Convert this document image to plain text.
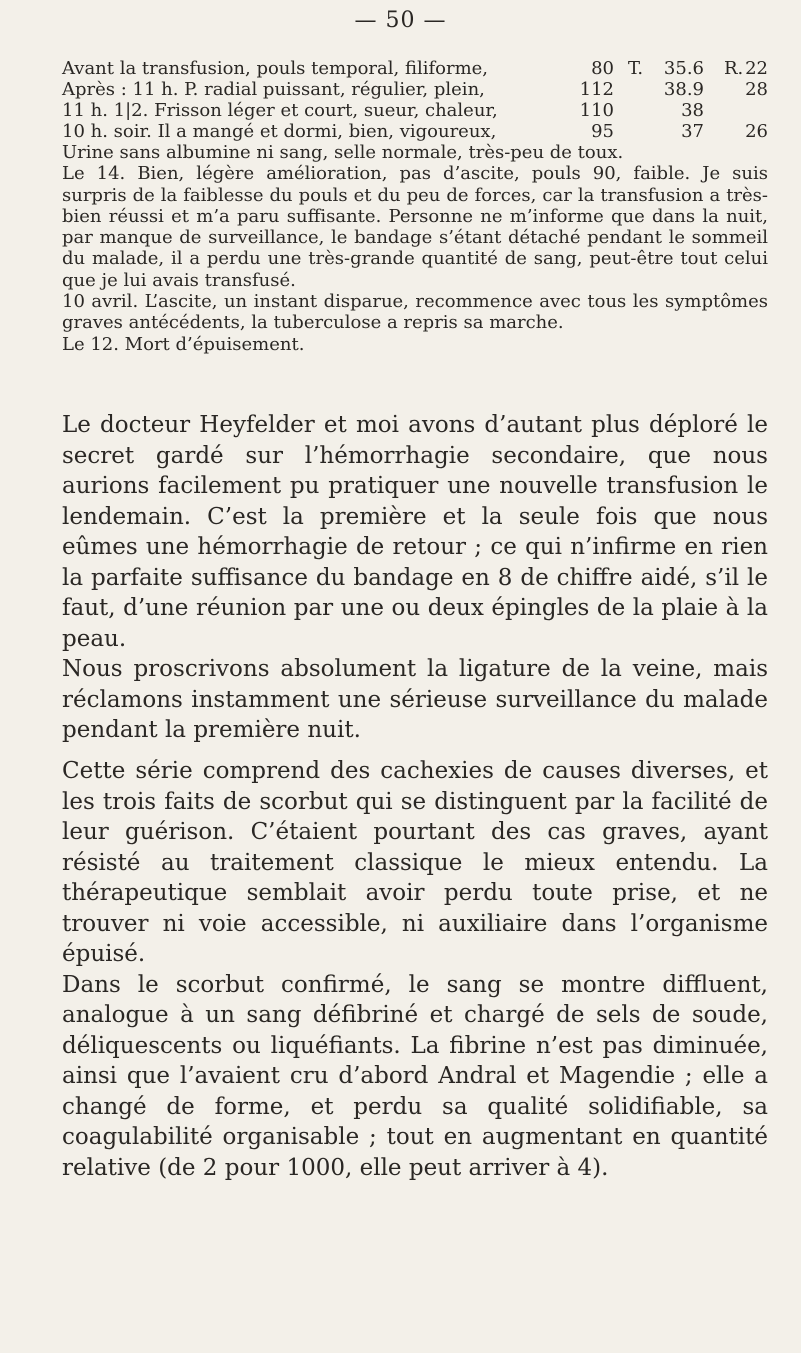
— 50 —
Avant la transfusion, pouls temporal, filiforme,	80 T.	35.6 R. 22
Après : 11 h. P. radial puissant, régulier, plein,	112	38.9 28
11 h. 1|2. Frisson léger et court, sueur, chaleur,	110	38
10 h. soir. Il a mangé et dormi, bien, vigoureux,	95	37 26

Urine sans albumine ni sang, selle normale, très-peu de toux.

Le 14. Bien, légère amélioration, pas d’ascite, pouls 90, faible. Je suis surpris de la faiblesse du pouls et du peu de forces, car la transfusion a très-bien réussi et m’a paru suffisante. Personne ne m’informe que dans la nuit, par manque de surveillance, le bandage s’étant détaché pendant le sommeil du malade, il a perdu une très-grande quantité de sang, peut-être tout celui que je lui avais transfusé.

10 avril. L’ascite, un instant disparue, recommence avec tous les symptômes graves antécédents, la tuberculose a repris sa marche.

Le 12. Mort d’épuisement.

Le docteur Heyfelder et moi avons d’autant plus déploré le secret gardé sur l’hémorrhagie secondaire, que nous aurions facilement pu pratiquer une nouvelle transfusion le lendemain. C’est la première et la seule fois que nous eûmes une hémorrhagie de retour ; ce qui n’infirme en rien la parfaite suffisance du bandage en 8 de chiffre aidé, s’il le faut, d’une réunion par une ou deux épingles de la plaie à la peau.

Nous proscrivons absolument la ligature de la veine, mais réclamons instamment une sérieuse surveillance du malade pendant la première nuit.

Cette série comprend des cachexies de causes diverses, et les trois faits de scorbut qui se distinguent par la facilité de leur guérison. C’étaient pourtant des cas graves, ayant résisté au traitement classique le mieux entendu. La thérapeutique semblait avoir perdu toute prise, et ne trouver ni voie accessible, ni auxiliaire dans l’organisme épuisé.

Dans le scorbut confirmé, le sang se montre diffluent, analogue à un sang défibriné et chargé de sels de soude, déliquescents ou liquéfiants. La fibrine n’est pas diminuée, ainsi que l’avaient cru d’abord Andral et Magendie ; elle a changé de forme, et perdu sa qualité solidifiable, sa coagulabilité organisable ; tout en augmentant en quantité relative (de 2 pour 1000, elle peut arriver à 4).
